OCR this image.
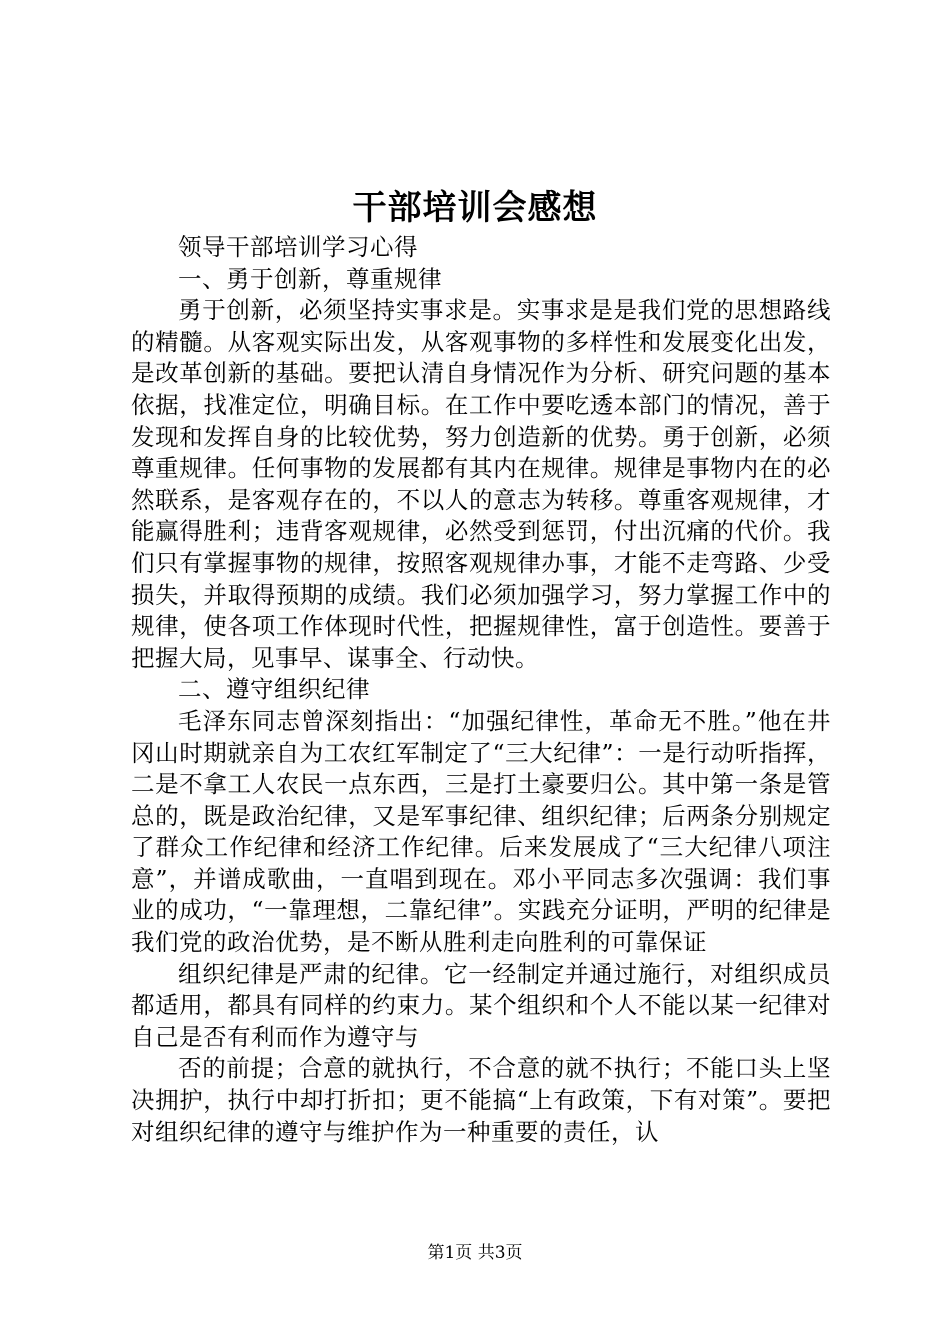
干部培训会感想

领导干部培训学习心得

一、勇于创新，尊重规律

勇于创新，必须坚持实事求是。实事求是是我们党的思想路线的精髓。从客观实际出发，从客观事物的多样性和发展变化出发，是改革创新的基础。要把认清自身情况作为分析、研究问题的基本依据，找准定位，明确目标。在工作中要吃透本部门的情况，善于发现和发挥自身的比较优势，努力创造新的优势。勇于创新，必须尊重规律。任何事物的发展都有其内在规律。规律是事物内在的必然联系，是客观存在的，不以人的意志为转移。尊重客观规律，才能赢得胜利；违背客观规律，必然受到惩罚，付出沉痛的代价。我们只有掌握事物的规律，按照客观规律办事，才能不走弯路、少受损失，并取得预期的成绩。我们必须加强学习，努力掌握工作中的规律，使各项工作体现时代性，把握规律性，富于创造性。要善于把握大局，见事早、谋事全、行动快。

二、遵守组织纪律

毛泽东同志曾深刻指出：“加强纪律性，革命无不胜。”他在井冈山时期就亲自为工农红军制定了“三大纪律”：一是行动听指挥，二是不拿工人农民一点东西，三是打土豪要归公。其中第一条是管总的，既是政治纪律，又是军事纪律、组织纪律；后两条分别规定了群众工作纪律和经济工作纪律。后来发展成了“三大纪律八项注意”，并谱成歌曲，一直唱到现在。邓小平同志多次强调：我们事业的成功，“一靠理想，二靠纪律”。实践充分证明，严明的纪律是我们党的政治优势，是不断从胜利走向胜利的可靠保证

组织纪律是严肃的纪律。它一经制定并通过施行，对组织成员都适用，都具有同样的约束力。某个组织和个人不能以某一纪律对自己是否有利而作为遵守与

否的前提；合意的就执行，不合意的就不执行；不能口头上坚决拥护，执行中却打折扣；更不能搞“上有政策，下有对策”。要把对组织纪律的遵守与维护作为一种重要的责任，认

第1页 共3页
